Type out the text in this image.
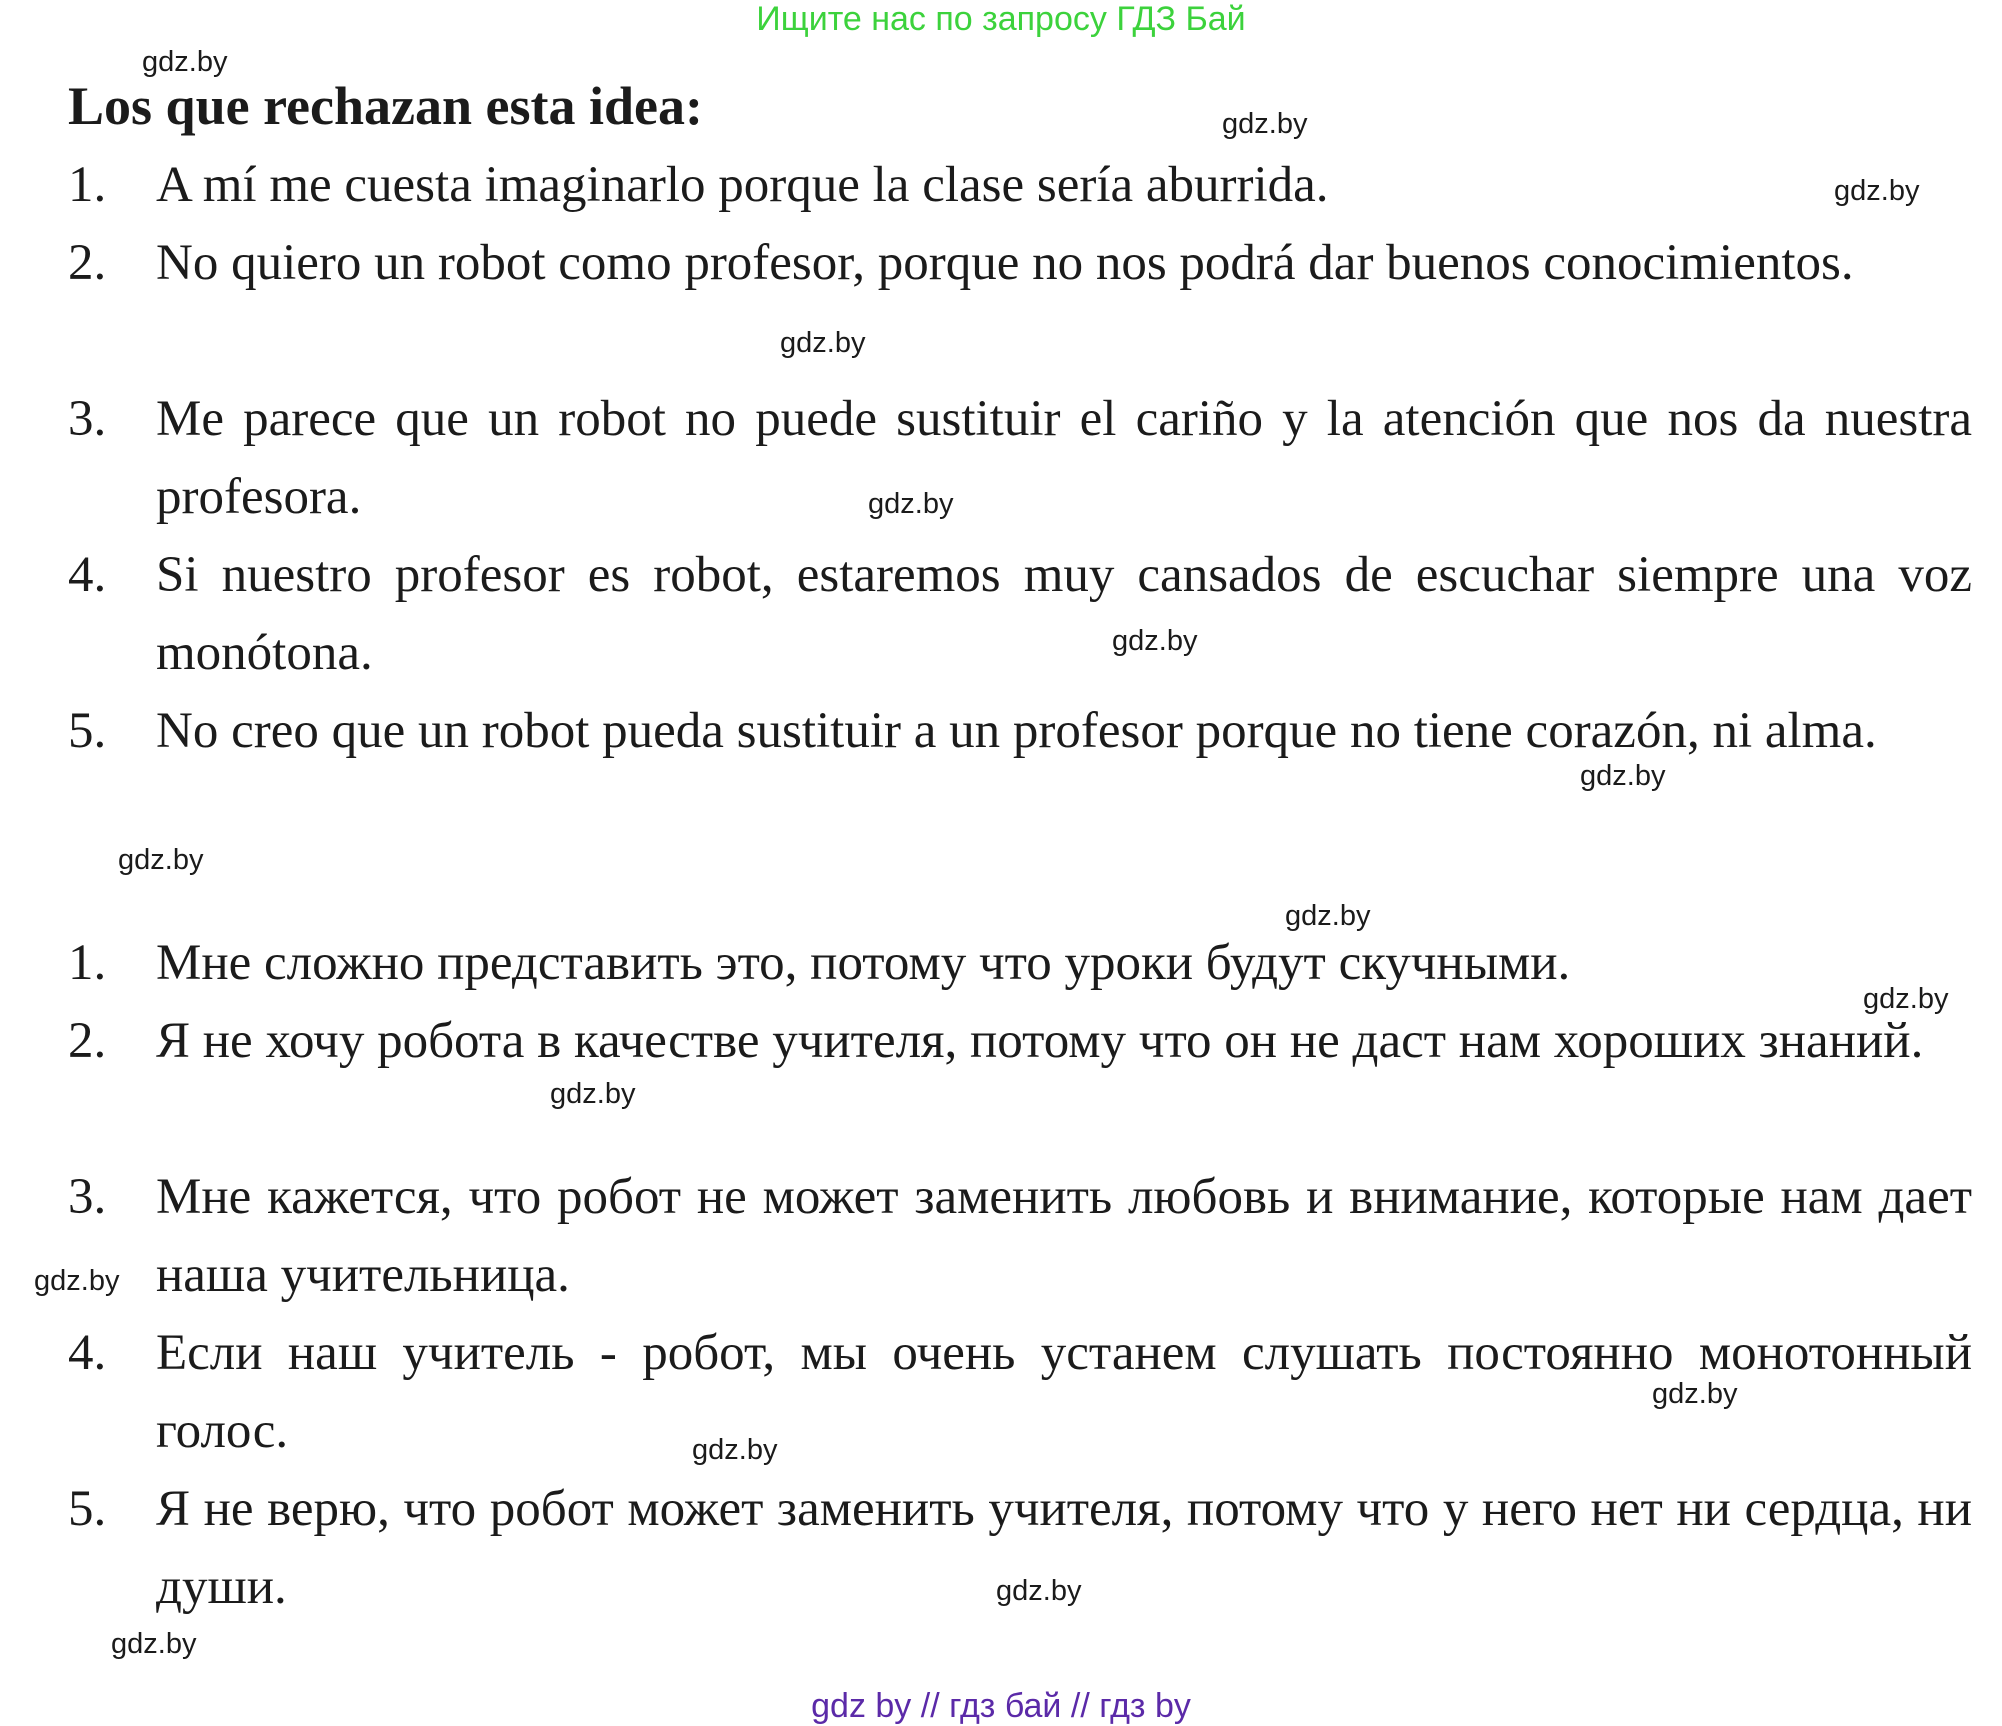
Ищите нас по запросу ГДЗ Бай
Los que rechazan esta idea:
1. A mí me cuesta imaginarlo porque la clase sería aburrida.
2. No quiero un robot como profesor, porque no nos podrá dar buenos conocimientos.
3. Me parece que un robot no puede sustituir el cariño y la atención que nos da nuestra profesora.
4. Si nuestro profesor es robot, estaremos muy cansados de escuchar siempre una voz monótona.
5. No creo que un robot pueda sustituir a un profesor porque no tiene corazón, ni alma.
1. Мне сложно представить это, потому что уроки будут скучными.
2. Я не хочу робота в качестве учителя, потому что он не даст нам хороших знаний.
3. Мне кажется, что робот не может заменить любовь и внимание, которые нам дает наша учительница.
4. Если наш учитель - робот, мы очень устанем слушать постоянно монотонный голос.
5. Я не верю, что робот может заменить учителя, потому что у него нет ни сердца, ни души.
gdz.by
gdz.by
gdz.by
gdz.by
gdz.by
gdz.by
gdz.by
gdz.by
gdz.by
gdz.by
gdz.by
gdz.by
gdz.by
gdz.by
gdz.by
gdz.by
gdz by // гдз бай // гдз by
